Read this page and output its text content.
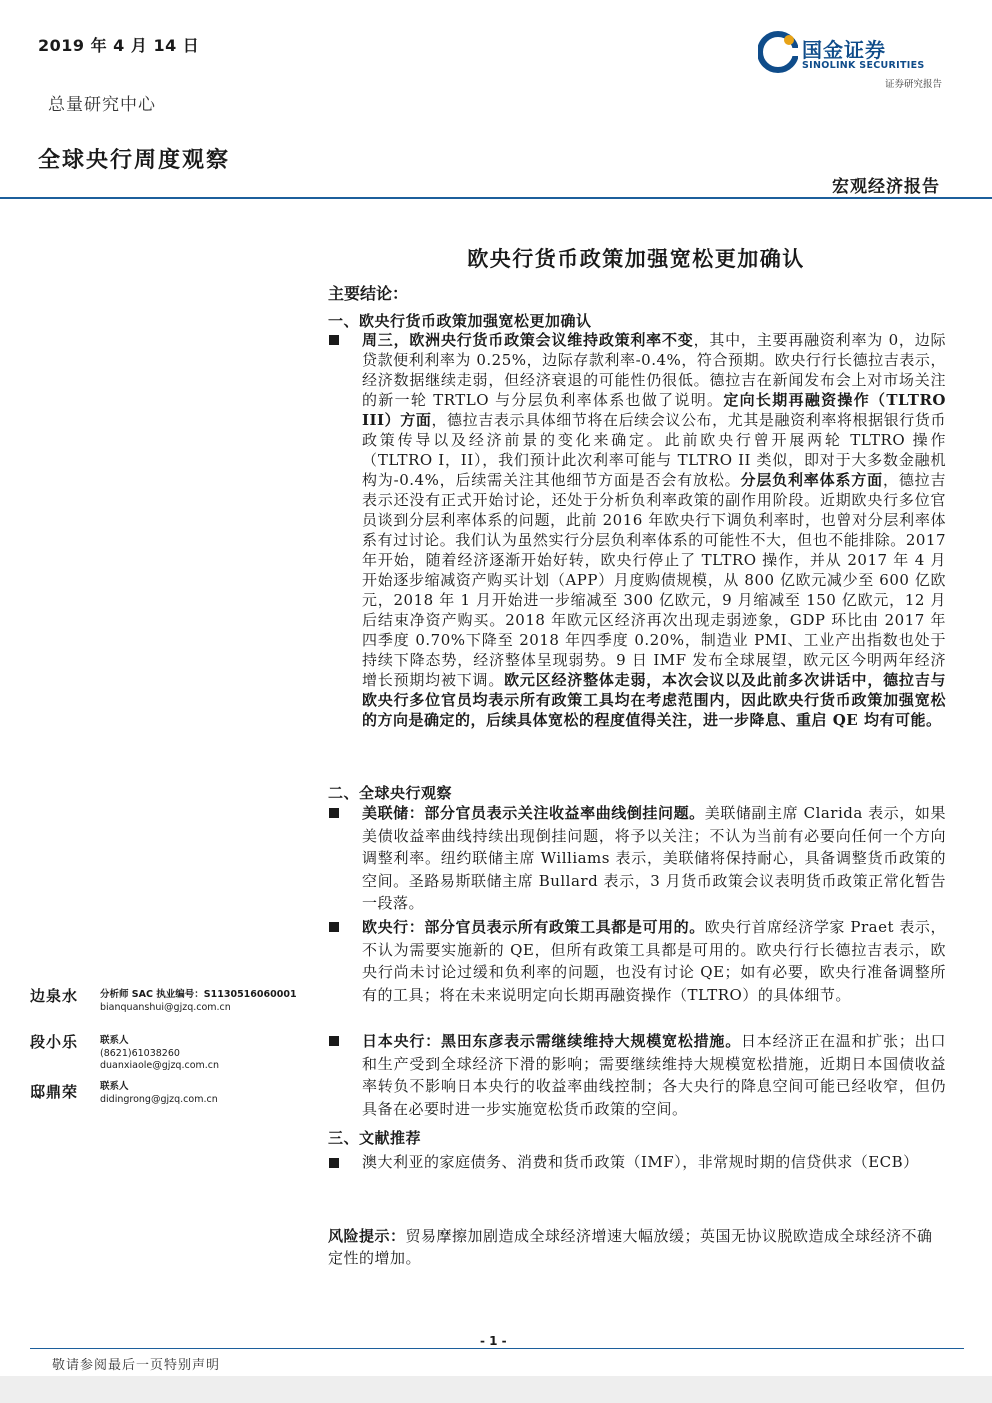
2019 年 4 月 14 日
总量研究中心
全球央行周度观察
宏观经济报告
国金证券
SINOLINK SECURITIES
证券研究报告
欧央行货币政策加强宽松更加确认
主要结论：
一、欧央行货币政策加强宽松更加确认
周三，欧洲央行货币政策会议维持政策利率不变，其中，主要再融资利率为 0，边际贷款便利利率为 0.25%，边际存款利率-0.4%，符合预期。欧央行行长德拉吉表示，经济数据继续走弱，但经济衰退的可能性仍很低。德拉吉在新闻发布会上对市场关注的新一轮 TRTLO 与分层负利率体系也做了说明。定向长期再融资操作（TLTRO III）方面，德拉吉表示具体细节将在后续会议公布，尤其是融资利率将根据银行货币政策传导以及经济前景的变化来确定。此前欧央行曾开展两轮 TLTRO 操作（TLTRO I，II），我们预计此次利率可能与 TLTRO II 类似，即对于大多数金融机构为-0.4%，后续需关注其他细节方面是否会有放松。分层负利率体系方面，德拉吉表示还没有正式开始讨论，还处于分析负利率政策的副作用阶段。近期欧央行多位官员谈到分层利率体系的问题，此前 2016 年欧央行下调负利率时，也曾对分层利率体系有过讨论。我们认为虽然实行分层负利率体系的可能性不大，但也不能排除。2017 年开始，随着经济逐渐开始好转，欧央行停止了 TLTRO 操作，并从 2017 年 4 月开始逐步缩减资产购买计划（APP）月度购债规模，从 800 亿欧元减少至 600 亿欧元，2018 年 1 月开始进一步缩减至 300 亿欧元，9 月缩减至 150 亿欧元，12 月后结束净资产购买。2018 年欧元区经济再次出现走弱迹象，GDP 环比由 2017 年四季度 0.70%下降至 2018 年四季度 0.20%，制造业 PMI、工业产出指数也处于持续下降态势，经济整体呈现弱势。9 日 IMF 发布全球展望，欧元区今明两年经济增长预期均被下调。欧元区经济整体走弱，本次会议以及此前多次讲话中，德拉吉与欧央行多位官员均表示所有政策工具均在考虑范围内，因此欧央行货币政策加强宽松的方向是确定的，后续具体宽松的程度值得关注，进一步降息、重启 QE 均有可能。
二、全球央行观察
美联储：部分官员表示关注收益率曲线倒挂问题。美联储副主席 Clarida 表示，如果美债收益率曲线持续出现倒挂问题，将予以关注；不认为当前有必要向任何一个方向调整利率。纽约联储主席 Williams 表示，美联储将保持耐心，具备调整货币政策的空间。圣路易斯联储主席 Bullard 表示，3 月货币政策会议表明货币政策正常化暂告一段落。
欧央行：部分官员表示所有政策工具都是可用的。欧央行首席经济学家 Praet 表示，不认为需要实施新的 QE，但所有政策工具都是可用的。欧央行行长德拉吉表示，欧央行尚未讨论过缓和负利率的问题，也没有讨论 QE；如有必要，欧央行准备调整所有的工具；将在未来说明定向长期再融资操作（TLTRO）的具体细节。
日本央行：黑田东彦表示需继续维持大规模宽松措施。日本经济正在温和扩张；出口和生产受到全球经济下滑的影响；需要继续维持大规模宽松措施，近期日本国债收益率转负不影响日本央行的收益率曲线控制；各大央行的降息空间可能已经收窄，但仍具备在必要时进一步实施宽松货币政策的空间。
三、文献推荐
澳大利亚的家庭债务、消费和货币政策（IMF），非常规时期的信贷供求（ECB）
风险提示：贸易摩擦加剧造成全球经济增速大幅放缓；英国无协议脱欧造成全球经济不确定性的增加。
边泉水 分析师 SAC 执业编号：S1130516060001
bianquanshui@gjzq.com.cn
段小乐 联系人
(8621)61038260
duanxiaole@gjzq.com.cn
邸鼎荣 联系人
didingrong@gjzq.com.cn
- 1 -
敬请参阅最后一页特别声明
